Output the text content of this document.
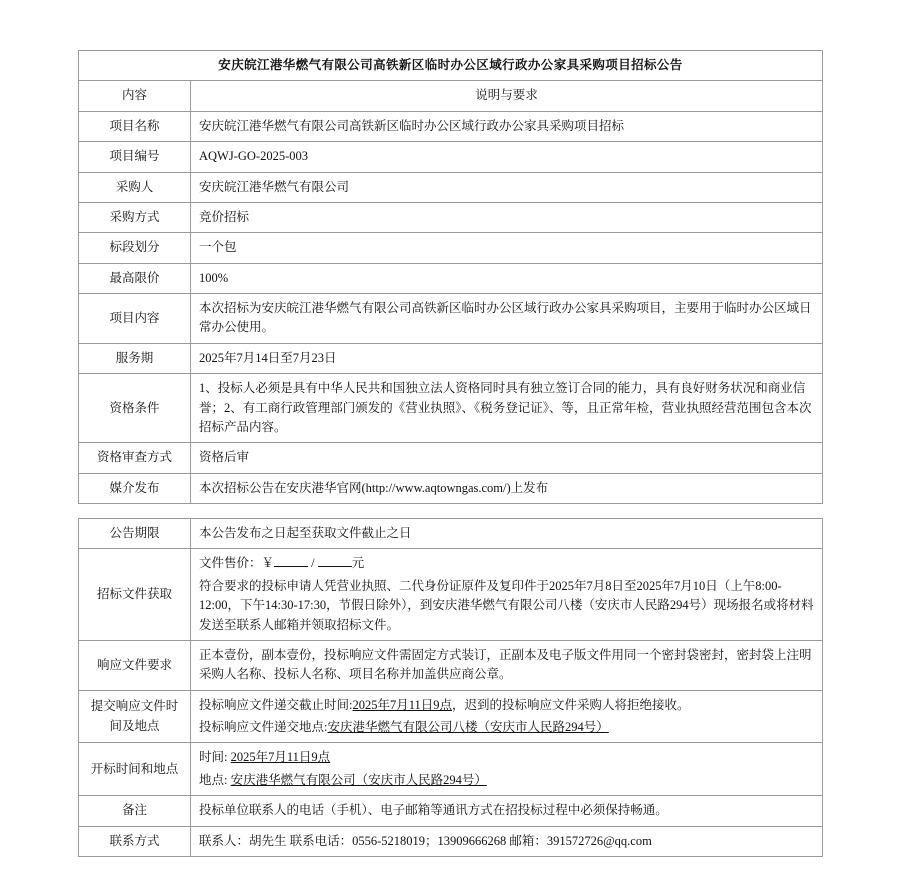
安庆皖江港华燃气有限公司高铁新区临时办公区域行政办公家具采购项目招标公告	
内容	说明与要求
项目名称	安庆皖江港华燃气有限公司高铁新区临时办公区域行政办公家具采购项目招标
项目编号	AQWJ-GO-2025-003
采购人	安庆皖江港华燃气有限公司
采购方式	竞价招标
标段划分	一个包
最高限价	100%
项目内容	本次招标为安庆皖江港华燃气有限公司高铁新区临时办公区域行政办公家具采购项目，主要用于临时办公区域日常办公使用。
服务期	2025年7月14日至7月23日
资格条件	1、投标人必须是具有中华人民共和国独立法人资格同时具有独立签订合同的能力，具有良好财务状况和商业信誉；2、有工商行政管理部门颁发的《营业执照》、《税务登记证》、等，且正常年检，营业执照经营范围包含本次招标产品内容。
资格审查方式	资格后审
媒介发布	本次招标公告在安庆港华官网(http://www.aqtowngas.com/)上发布
公告期限	本公告发布之日起至获取文件截止之日
招标文件获取	文件售价：￥ / 元

符合要求的投标申请人凭营业执照、二代身份证原件及复印件于2025年7月8日至2025年7月10日（上午8:00-12:00，下午14:30-17:30，节假日除外），到安庆港华燃气有限公司八楼（安庆市人民路294号）现场报名或将材料发送至联系人邮箱并领取招标文件。

响应文件要求	正本壹份，副本壹份，投标响应文件需固定方式装订，正副本及电子版文件用同一个密封袋密封，密封袋上注明采购人名称、投标人名称、项目名称并加盖供应商公章。
提交响应文件时间及地点	投标响应文件递交截止时间:2025年7月11日9点，迟到的投标响应文件采购人将拒绝接收。

投标响应文件递交地点:安庆港华燃气有限公司八楼（安庆市人民路294号）

开标时间和地点	时间: 2025年7月11日9点

地点: 安庆港华燃气有限公司（安庆市人民路294号）

备注	投标单位联系人的电话（手机）、电子邮箱等通讯方式在招投标过程中必须保持畅通。
联系方式	联系人：胡先生 联系电话：0556-5218019；13909666268 邮箱：391572726@qq.com
